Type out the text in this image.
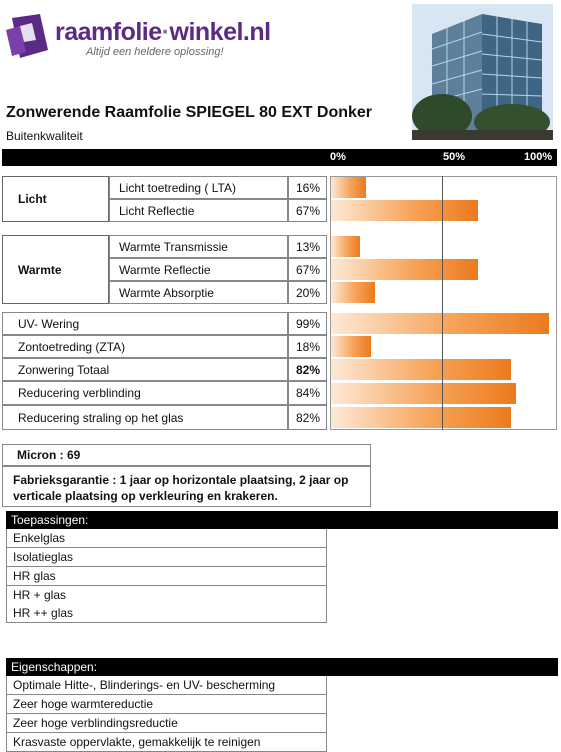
raamfolie·winkel.nl
Altijd een heldere oplossing!
Zonwerende Raamfolie SPIEGEL 80 EXT Donker
Buitenkwaliteit
0%	50%	100%
Licht
Warmte
Licht toetreding ( LTA)
Licht Reflectie
Warmte Transmissie
Warmte Reflectie
Warmte Absorptie
UV- Wering
Zontoetreding (ZTA)
Zonwering Totaal
Reducering verblinding
Reducering straling op het glas
16%
67%
13%
67%
20%
99%
18%
82%
84%
82%
Micron : 69
Fabrieksgarantie : 1 jaar op horizontale plaatsing, 2 jaar op
verticale plaatsing op verkleuring en krakeren.
Toepassingen:
Enkelglas
Isolatieglas
HR glas
HR + glas
HR ++ glas
Eigenschappen:
Optimale Hitte-, Blinderings- en UV- bescherming
Zeer hoge warmtereductie
Zeer hoge verblindingsreductie
Krasvaste oppervlakte, gemakkelijk te reinigen
